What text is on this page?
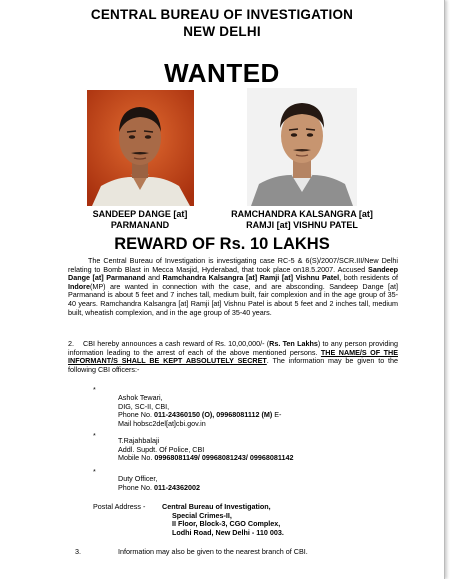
CENTRAL BUREAU OF INVESTIGATION
NEW DELHI
WANTED
SANDEEP DANGE [at]
PARMANAND
RAMCHANDRA KALSANGRA [at]
RAMJI [at] VISHNU PATEL
REWARD OF Rs. 10 LAKHS
The Central Bureau of Investigation is investigating case RC-5 & 6(S)/2007/SCR.III/New Delhi relating to Bomb Blast in Mecca Masjid, Hyderabad, that took place on18.5.2007. Accused Sandeep Dange [at] Parmanand and Ramchandra Kalsangra [at] Ramji [at] Vishnu Patel, both residents of Indore(MP) are wanted in connection with the case, and are absconding. Sandeep Dange [at] Parmanand is about 5 feet and 7 inches tall, medium built, fair complexion and in the age group of 35-40 years. Ramchandra Kalsangra [at] Ramji [at] Vishnu Patel is about 5 feet and 2 inches tall, medium built, wheatish complexion, and in the age group of 35-40 years.
2. CBI hereby announces a cash reward of Rs. 10,00,000/- (Rs. Ten Lakhs) to any person providing information leading to the arrest of each of the above mentioned persons. THE NAME/S OF THE INFORMANT/S SHALL BE KEPT ABSOLUTELY SECRET. The information may be given to the following CBI officers:-
*
Ashok Tewari,
DIG, SC-II, CBI,
Phone No. 011-24360150 (O), 09968081112 (M) E-
Mail hobsc2del[at]cbi.gov.in
*
T.Rajahbalaji
Addl. Supdt. Of Police, CBI
Mobile No. 09968081149/ 09968081243/ 09968081142
*
Duty Officer,
Phone No. 011-24362002
Postal Address - Central Bureau of Investigation,
Special Crimes-II,
II Floor, Block-3, CGO Complex,
Lodhi Road, New Delhi - 110 003.
3.	Information may also be given to the nearest branch of CBI.
